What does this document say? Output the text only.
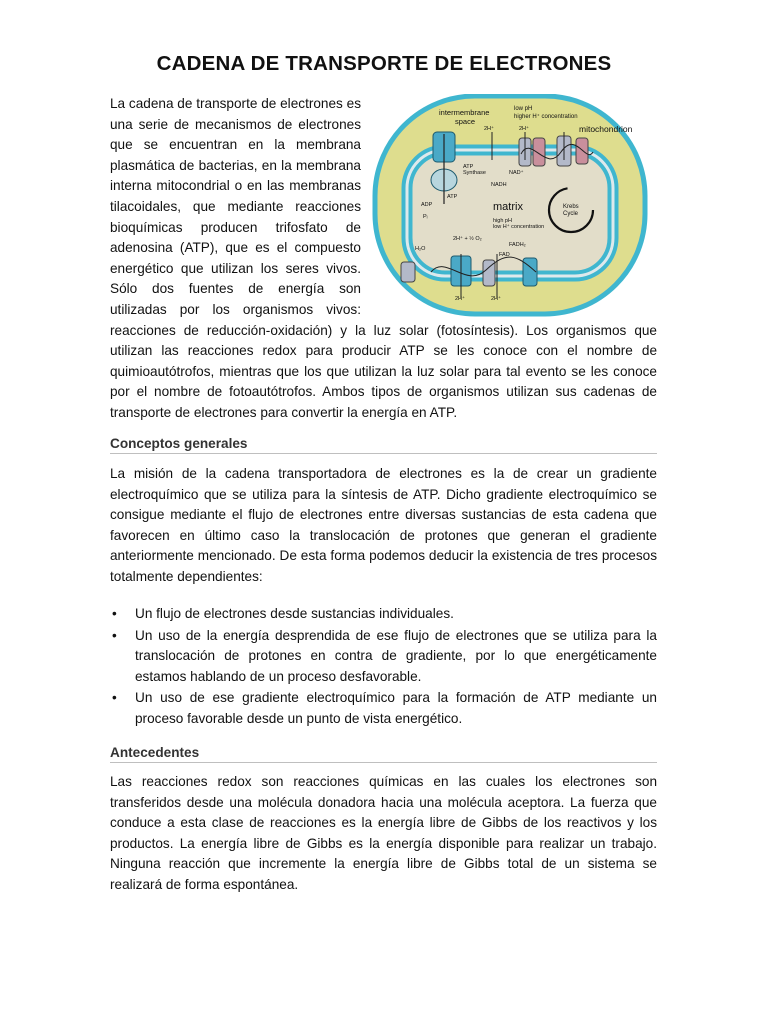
CADENA DE TRANSPORTE DE ELECTRONES
intermembrane
space
low pH
higher H⁺ concentration
mitochondrion
ATP
Synthase
matrix
high pH
low H⁺ concentration
Krebs
Cycle
NADH
NAD⁺
FADH₂
FAD
ATP
ADP
Pᵢ
H₂O
2H⁺	2H⁺
2H⁺	2H⁺
2H⁺ + ½ O₂

La cadena de transporte de electrones es una serie de mecanismos de electrones que se encuentran en la membrana plasmática de bacterias, en la membrana interna mitocondrial o en las membranas tilacoidales, que mediante reacciones bioquímicas producen trifosfato de adenosina (ATP), que es el compuesto energético que utilizan los seres vivos. Sólo dos fuentes de energía son utilizadas por los organismos vivos: reacciones de reducción-oxidación) y la luz solar (fotosíntesis). Los organismos que utilizan las reacciones redox para producir ATP se les conoce con el nombre de quimioautótrofos, mientras que los que utilizan la luz solar para tal evento se les conoce por el nombre de fotoautótrofos. Ambos tipos de organismos utilizan sus cadenas de transporte de electrones para convertir la energía en ATP.

Conceptos generales

La misión de la cadena transportadora de electrones es la de crear un gradiente electroquímico que se utiliza para la síntesis de ATP. Dicho gradiente electroquímico se consigue mediante el flujo de electrones entre diversas sustancias de esta cadena que favorecen en último caso la translocación de protones que generan el gradiente anteriormente mencionado. De esta forma podemos deducir la existencia de tres procesos totalmente dependientes:

• Un flujo de electrones desde sustancias individuales.
• Un uso de la energía desprendida de ese flujo de electrones que se utiliza para la translocación de protones en contra de gradiente, por lo que energéticamente estamos hablando de un proceso desfavorable.
• Un uso de ese gradiente electroquímico para la formación de ATP mediante un proceso favorable desde un punto de vista energético.
Antecedentes

Las reacciones redox son reacciones químicas en las cuales los electrones son transferidos desde una molécula donadora hacia una molécula aceptora. La fuerza que conduce a esta clase de reacciones es la energía libre de Gibbs de los reactivos y los productos. La energía libre de Gibbs es la energía disponible para realizar un trabajo. Ninguna reacción que incremente la energía libre de Gibbs total de un sistema se realizará de forma espontánea.
